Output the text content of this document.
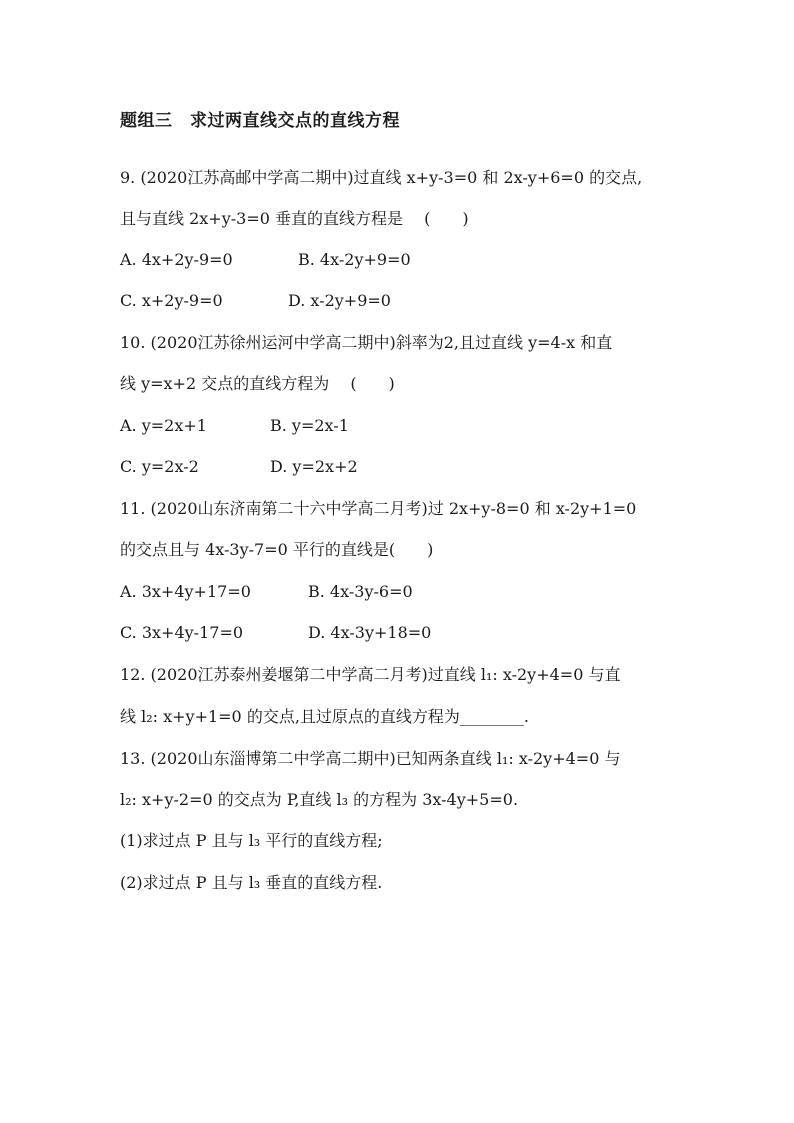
题组三　求过两直线交点的直线方程
9. (2020江苏高邮中学高二期中)过直线 x+y-3=0 和 2x-y+6=0 的交点,
且与直线 2x+y-3=0 垂直的直线方程是　 (　　)
A. 4x+2y-9=0	B. 4x-2y+9=0
C. x+2y-9=0	D. x-2y+9=0
10. (2020江苏徐州运河中学高二期中)斜率为2,且过直线 y=4-x 和直
线 y=x+2 交点的直线方程为　 (　　)
A. y=2x+1	B. y=2x-1
C. y=2x-2	D. y=2x+2
11. (2020山东济南第二十六中学高二月考)过 2x+y-8=0 和 x-2y+1=0
的交点且与 4x-3y-7=0 平行的直线是(　　)
A. 3x+4y+17=0	B. 4x-3y-6=0
C. 3x+4y-17=0	D. 4x-3y+18=0
12. (2020江苏泰州姜堰第二中学高二月考)过直线 l₁: x-2y+4=0 与直
线 l₂: x+y+1=0 的交点,且过原点的直线方程为________.
13. (2020山东淄博第二中学高二期中)已知两条直线 l₁: x-2y+4=0 与
l₂: x+y-2=0 的交点为 P,直线 l₃ 的方程为 3x-4y+5=0.
(1)求过点 P 且与 l₃ 平行的直线方程;
(2)求过点 P 且与 l₃ 垂直的直线方程.
